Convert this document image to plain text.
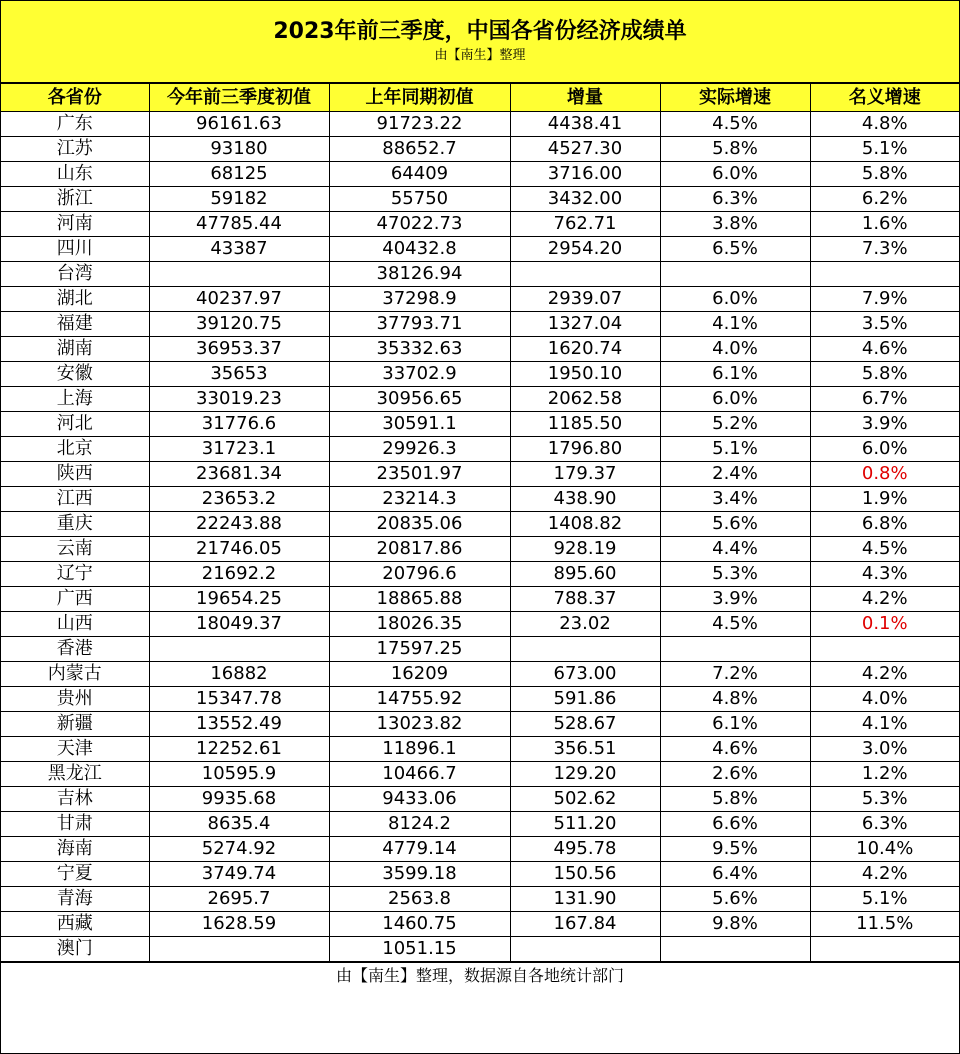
2023年前三季度，中国各省份经济成绩单
由【南生】整理
各省份	今年前三季度初值	上年同期初值	增量	实际增速	名义增速
广东	96161.63	91723.22	4438.41	4.5%	4.8%
江苏	93180	88652.7	4527.30	5.8%	5.1%
山东	68125	64409	3716.00	6.0%	5.8%
浙江	59182	55750	3432.00	6.3%	6.2%
河南	47785.44	47022.73	762.71	3.8%	1.6%
四川	43387	40432.8	2954.20	6.5%	7.3%
台湾		38126.94			
湖北	40237.97	37298.9	2939.07	6.0%	7.9%
福建	39120.75	37793.71	1327.04	4.1%	3.5%
湖南	36953.37	35332.63	1620.74	4.0%	4.6%
安徽	35653	33702.9	1950.10	6.1%	5.8%
上海	33019.23	30956.65	2062.58	6.0%	6.7%
河北	31776.6	30591.1	1185.50	5.2%	3.9%
北京	31723.1	29926.3	1796.80	5.1%	6.0%
陕西	23681.34	23501.97	179.37	2.4%	0.8%
江西	23653.2	23214.3	438.90	3.4%	1.9%
重庆	22243.88	20835.06	1408.82	5.6%	6.8%
云南	21746.05	20817.86	928.19	4.4%	4.5%
辽宁	21692.2	20796.6	895.60	5.3%	4.3%
广西	19654.25	18865.88	788.37	3.9%	4.2%
山西	18049.37	18026.35	23.02	4.5%	0.1%
香港		17597.25			
内蒙古	16882	16209	673.00	7.2%	4.2%
贵州	15347.78	14755.92	591.86	4.8%	4.0%
新疆	13552.49	13023.82	528.67	6.1%	4.1%
天津	12252.61	11896.1	356.51	4.6%	3.0%
黑龙江	10595.9	10466.7	129.20	2.6%	1.2%
吉林	9935.68	9433.06	502.62	5.8%	5.3%
甘肃	8635.4	8124.2	511.20	6.6%	6.3%
海南	5274.92	4779.14	495.78	9.5%	10.4%
宁夏	3749.74	3599.18	150.56	6.4%	4.2%
青海	2695.7	2563.8	131.90	5.6%	5.1%
西藏	1628.59	1460.75	167.84	9.8%	11.5%
澳门		1051.15			
由【南生】整理，数据源自各地统计部门
